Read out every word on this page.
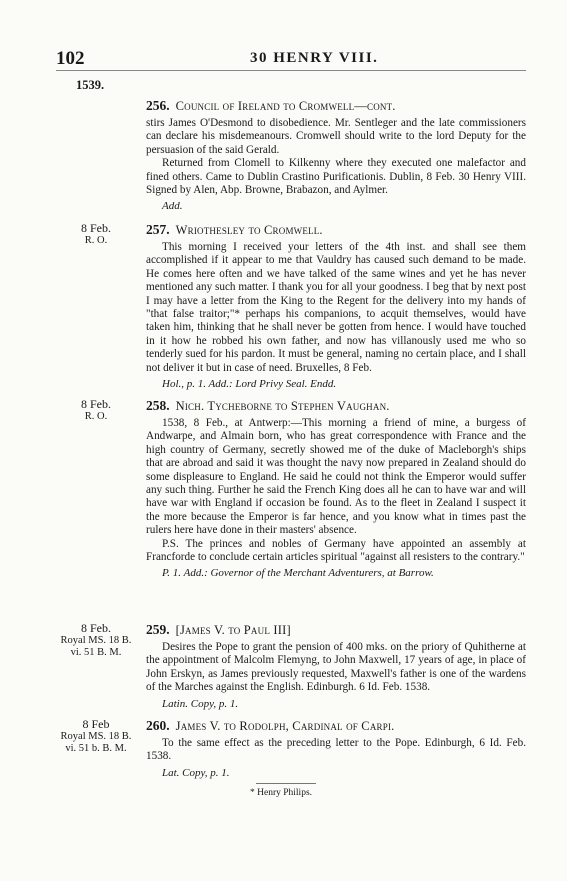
102	30 HENRY VIII.
1539.
256. Council of Ireland to Cromwell—cont.

stirs James O'Desmond to disobedience. Mr. Sentleger and the late commissioners can declare his misdemeanours. Cromwell should write to the lord Deputy for the persuasion of the said Gerald.

Returned from Clomell to Kilkenny where they executed one malefactor and fined others. Came to Dublin Crastino Purificationis. Dublin, 8 Feb. 30 Henry VIII. Signed by Alen, Abp. Browne, Brabazon, and Aylmer.

Add.
8 Feb.
R. O.
257. Wriothesley to Cromwell.

This morning I received your letters of the 4th inst. and shall see them accomplished if it appear to me that Vauldry has caused such demand to be made. He comes here often and we have talked of the same wines and yet he has never mentioned any such matter. I thank you for all your goodness. I beg that by next post I may have a letter from the King to the Regent for the delivery into my hands of "that false traitor;"* perhaps his companions, to acquit themselves, would have taken him, thinking that he shall never be gotten from hence. I would have touched in it how he robbed his own father, and now has villanously used me who so tenderly sued for his pardon. It must be general, naming no certain place, and I shall not deliver it but in case of need. Bruxelles, 8 Feb.

Hol., p. 1. Add.: Lord Privy Seal. Endd.
8 Feb.
R. O.
258. Nich. Tycheborne to Stephen Vaughan.

1538, 8 Feb., at Antwerp:—This morning a friend of mine, a burgess of Andwarpe, and Almain born, who has great correspondence with France and the high country of Germany, secretly showed me of the duke of Macleborgh's ships that are abroad and said it was thought the navy now prepared in Zealand should do some displeasure to England. He said he could not think the Emperor would suffer any such thing. Further he said the French King does all he can to have war and will have war with England if occasion be found. As to the fleet in Zealand I suspect it the more because the Emperor is far hence, and you know what in times past the rulers here have done in their masters' absence.

P.S. The princes and nobles of Germany have appointed an assembly at Francforde to conclude certain articles spiritual "against all resisters to the contrary."

P. 1. Add.: Governor of the Merchant Adventurers, at Barrow.
8 Feb.
Royal MS. 18 B. vi. 51 B. M.
259. [James V. to Paul III]

Desires the Pope to grant the pension of 400 mks. on the priory of Quhitherne at the appointment of Malcolm Flemyng, to John Maxwell, 17 years of age, in place of John Erskyn, as James previously requested, Maxwell's father is one of the wardens of the Marches against the English. Edinburgh. 6 Id. Feb. 1538.

Latin. Copy, p. 1.
8 Feb
Royal MS. 18 B. vi. 51 b. B. M.
260. James V. to Rodolph, Cardinal of Carpi.

To the same effect as the preceding letter to the Pope. Edinburgh, 6 Id. Feb. 1538.

Lat. Copy, p. 1.
* Henry Philips.
